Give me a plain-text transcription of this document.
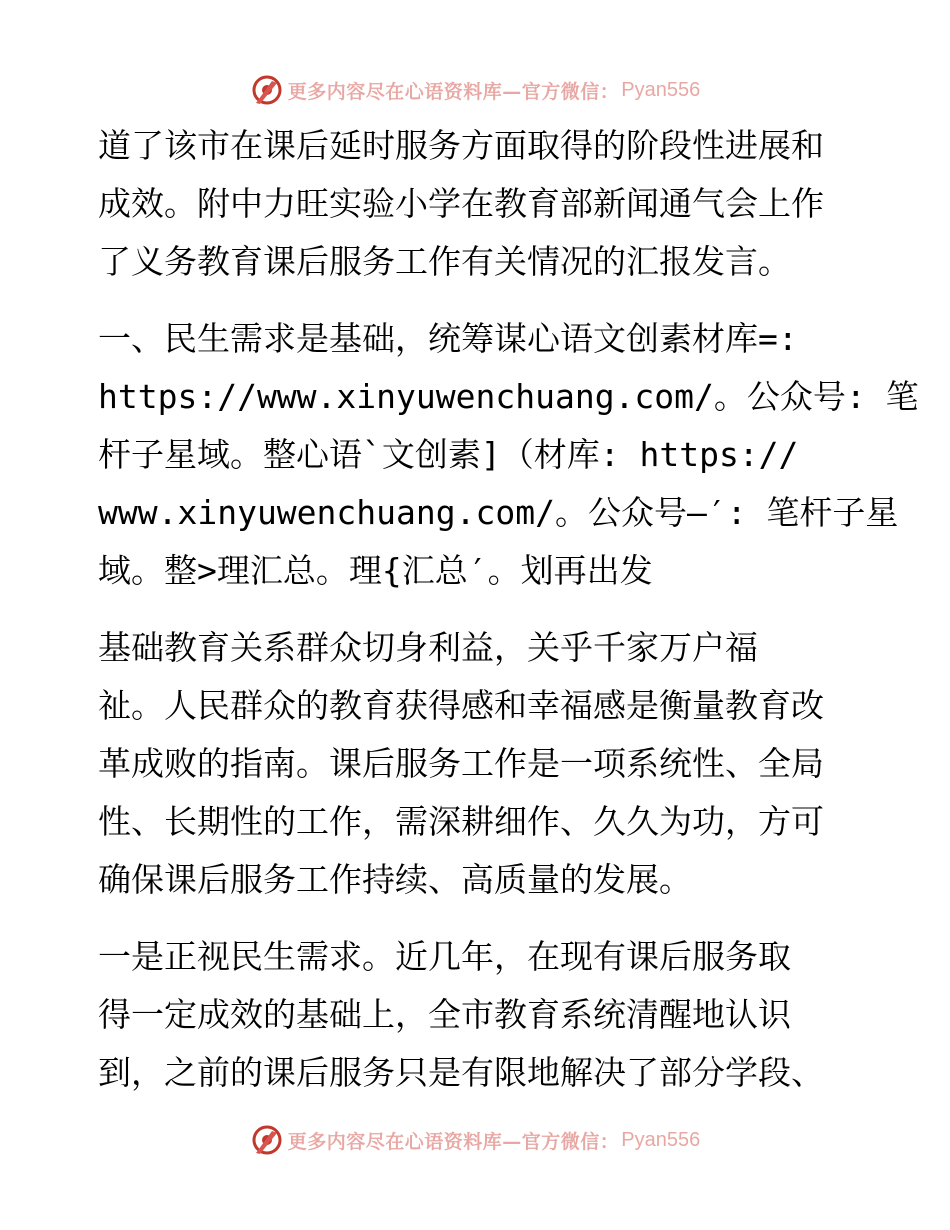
更多内容尽在心语资料库—官方微信： Pyan556
道了该市在课后延时服务方面取得的阶段性进展和
成效。附中力旺实验小学在教育部新闻通气会上作
了义务教育课后服务工作有关情况的汇报发言。
一、民生需求是基础，统筹谋心语文创素材库=:
https://www.xinyuwenchuang.com/。公众号: 笔
杆子星域。整心语`文创素]（材库: https://
www.xinyuwenchuang.com/。公众号—′: 笔杆子星
域。整>理汇总。理{汇总′。划再出发
基础教育关系群众切身利益，关乎千家万户福
祉。人民群众的教育获得感和幸福感是衡量教育改
革成败的指南。课后服务工作是一项系统性、全局
性、长期性的工作，需深耕细作、久久为功，方可
确保课后服务工作持续、高质量的发展。
一是正视民生需求。近几年，在现有课后服务取
得一定成效的基础上，全市教育系统清醒地认识
到，之前的课后服务只是有限地解决了部分学段、
更多内容尽在心语资料库—官方微信： Pyan556
